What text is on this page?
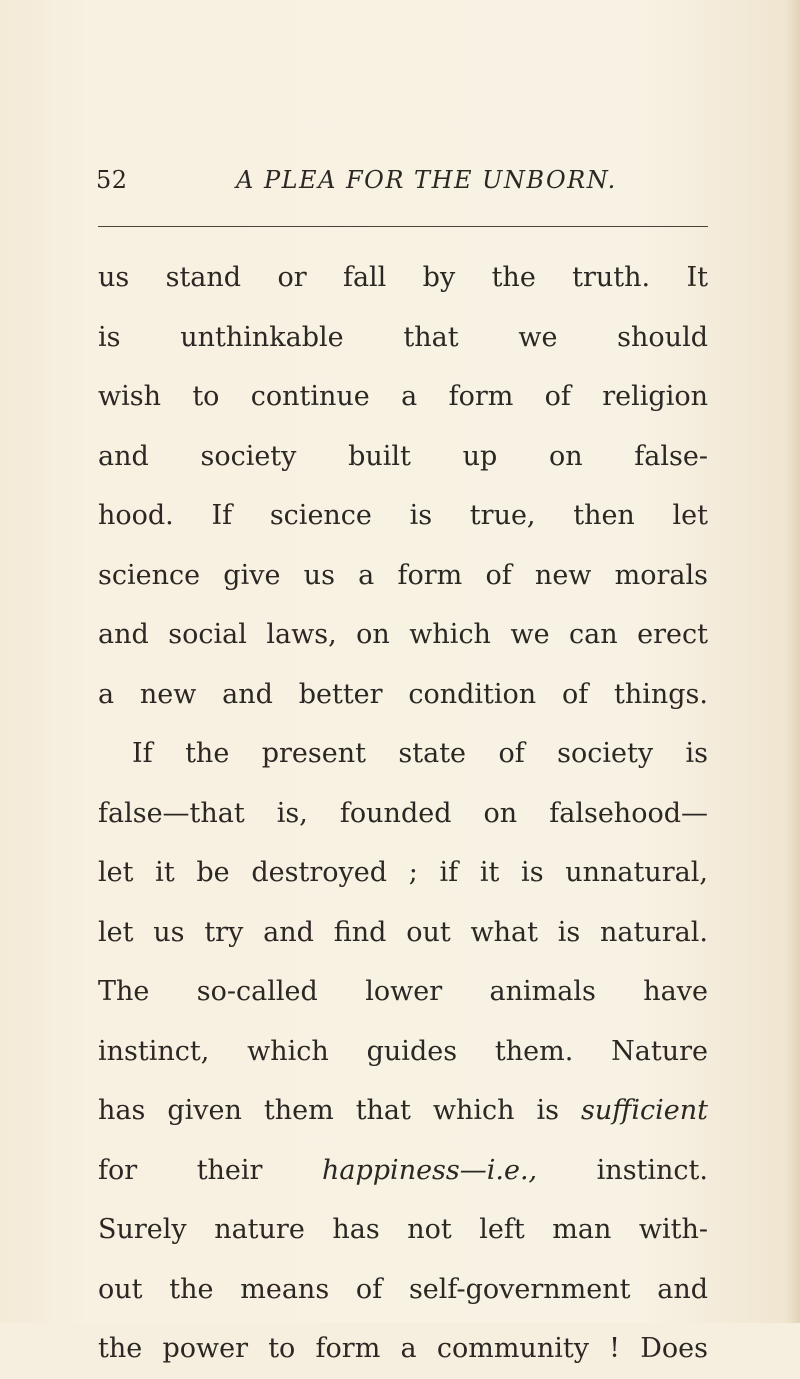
52	A PLEA FOR THE UNBORN.
us stand or fall by the truth. It
is unthinkable that we should
wish to continue a form of religion
and society built up on false-
hood. If science is true, then let
science give us a form of new morals
and social laws, on which we can erect
a new and better condition of things.
If the present state of society is
false—that is, founded on falsehood—
let it be destroyed ; if it is unnatural,
let us try and find out what is natural.
The so-called lower animals have
instinct, which guides them. Nature
has given them that which is sufficient
for their happiness—i.e., instinct.
Surely nature has not left man with-
out the means of self-government and
the power to form a community ! Does
